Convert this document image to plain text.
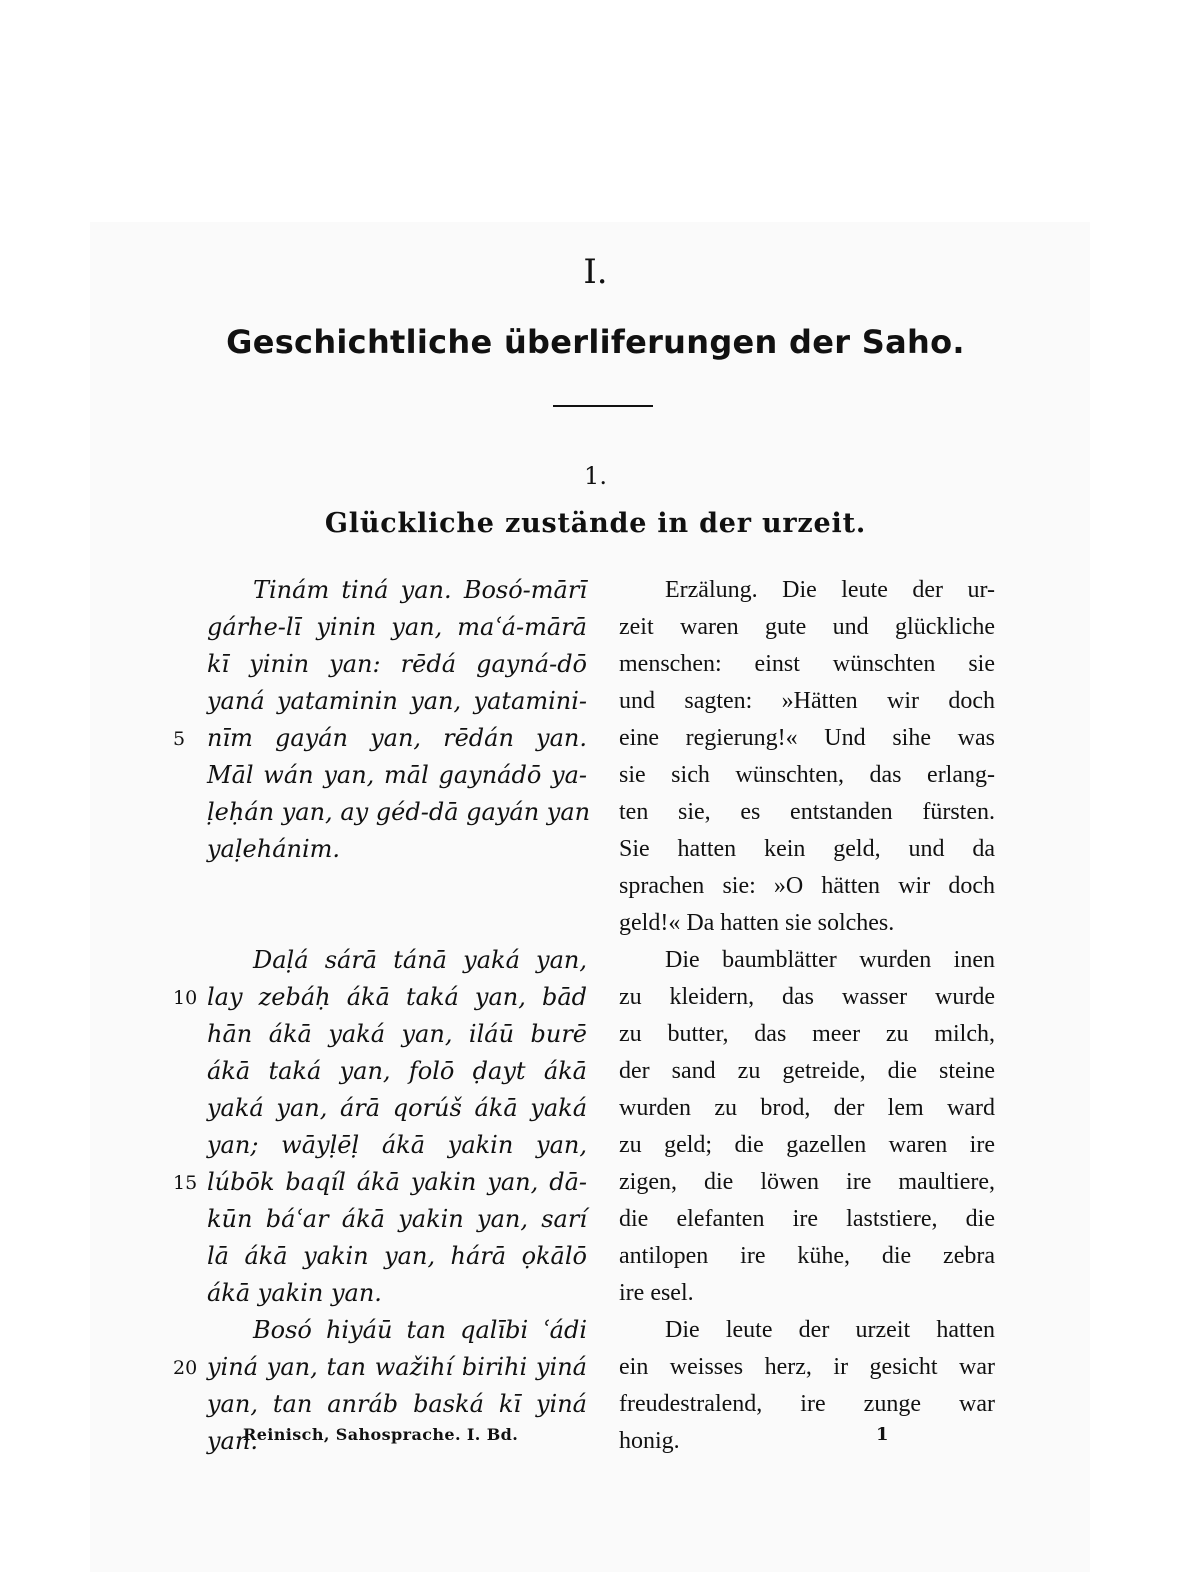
I.
Geschichtliche überliferungen der Saho.
1.
Glückliche zustände in der urzeit.
Tinám tiná yan. Bosó-mārī
gárhe-lī yinin yan, maʿá-mārā
kī yinin yan: rēdá gayná-dō
yaná yataminin yan, yatamini-
nīm gayán yan, rēdán yan.
Māl wán yan, māl gaynádō ya-
ḷeḥán yan, ay géd-dā gayán yan
yaḷehánim.
Daḷá sárā tánā yaká yan,
lay zebáḥ ákā taká yan, bād
hān ákā yaká yan, iláū burē
ákā taká yan, folō ḍayt ákā
yaká yan, árā qorúš ákā yaká
yan; wāyḷēḷ ákā yakin yan,
lúbōk baqíl ákā yakin yan, dā-
kūn báʿar ákā yakin yan, sarí
lā ákā yakin yan, hárā ọkālō
ákā yakin yan.
Bosó hiyáū tan qalībi ʿádi
yiná yan, tan wažihí birihi yiná
yan, tan anráb baská kī yiná
yan.
Erzälung. Die leute der ur-
zeit waren gute und glückliche
menschen: einst wünschten sie
und sagten: »Hätten wir doch
eine regierung!« Und sihe was
sie sich wünschten, das erlang-
ten sie, es entstanden fürsten.
Sie hatten kein geld, und da
sprachen sie: »O hätten wir doch
geld!« Da hatten sie solches.
Die baumblätter wurden inen
zu kleidern, das wasser wurde
zu butter, das meer zu milch,
der sand zu getreide, die steine
wurden zu brod, der lem ward
zu geld; die gazellen waren ire
zigen, die löwen ire maultiere,
die elefanten ire laststiere, die
antilopen ire kühe, die zebra
ire esel.
Die leute der urzeit hatten
ein weisses herz, ir gesicht war
freudestralend, ire zunge war
honig.
Reinisch, Sahosprache. I. Bd.	1
5
10
15
20
